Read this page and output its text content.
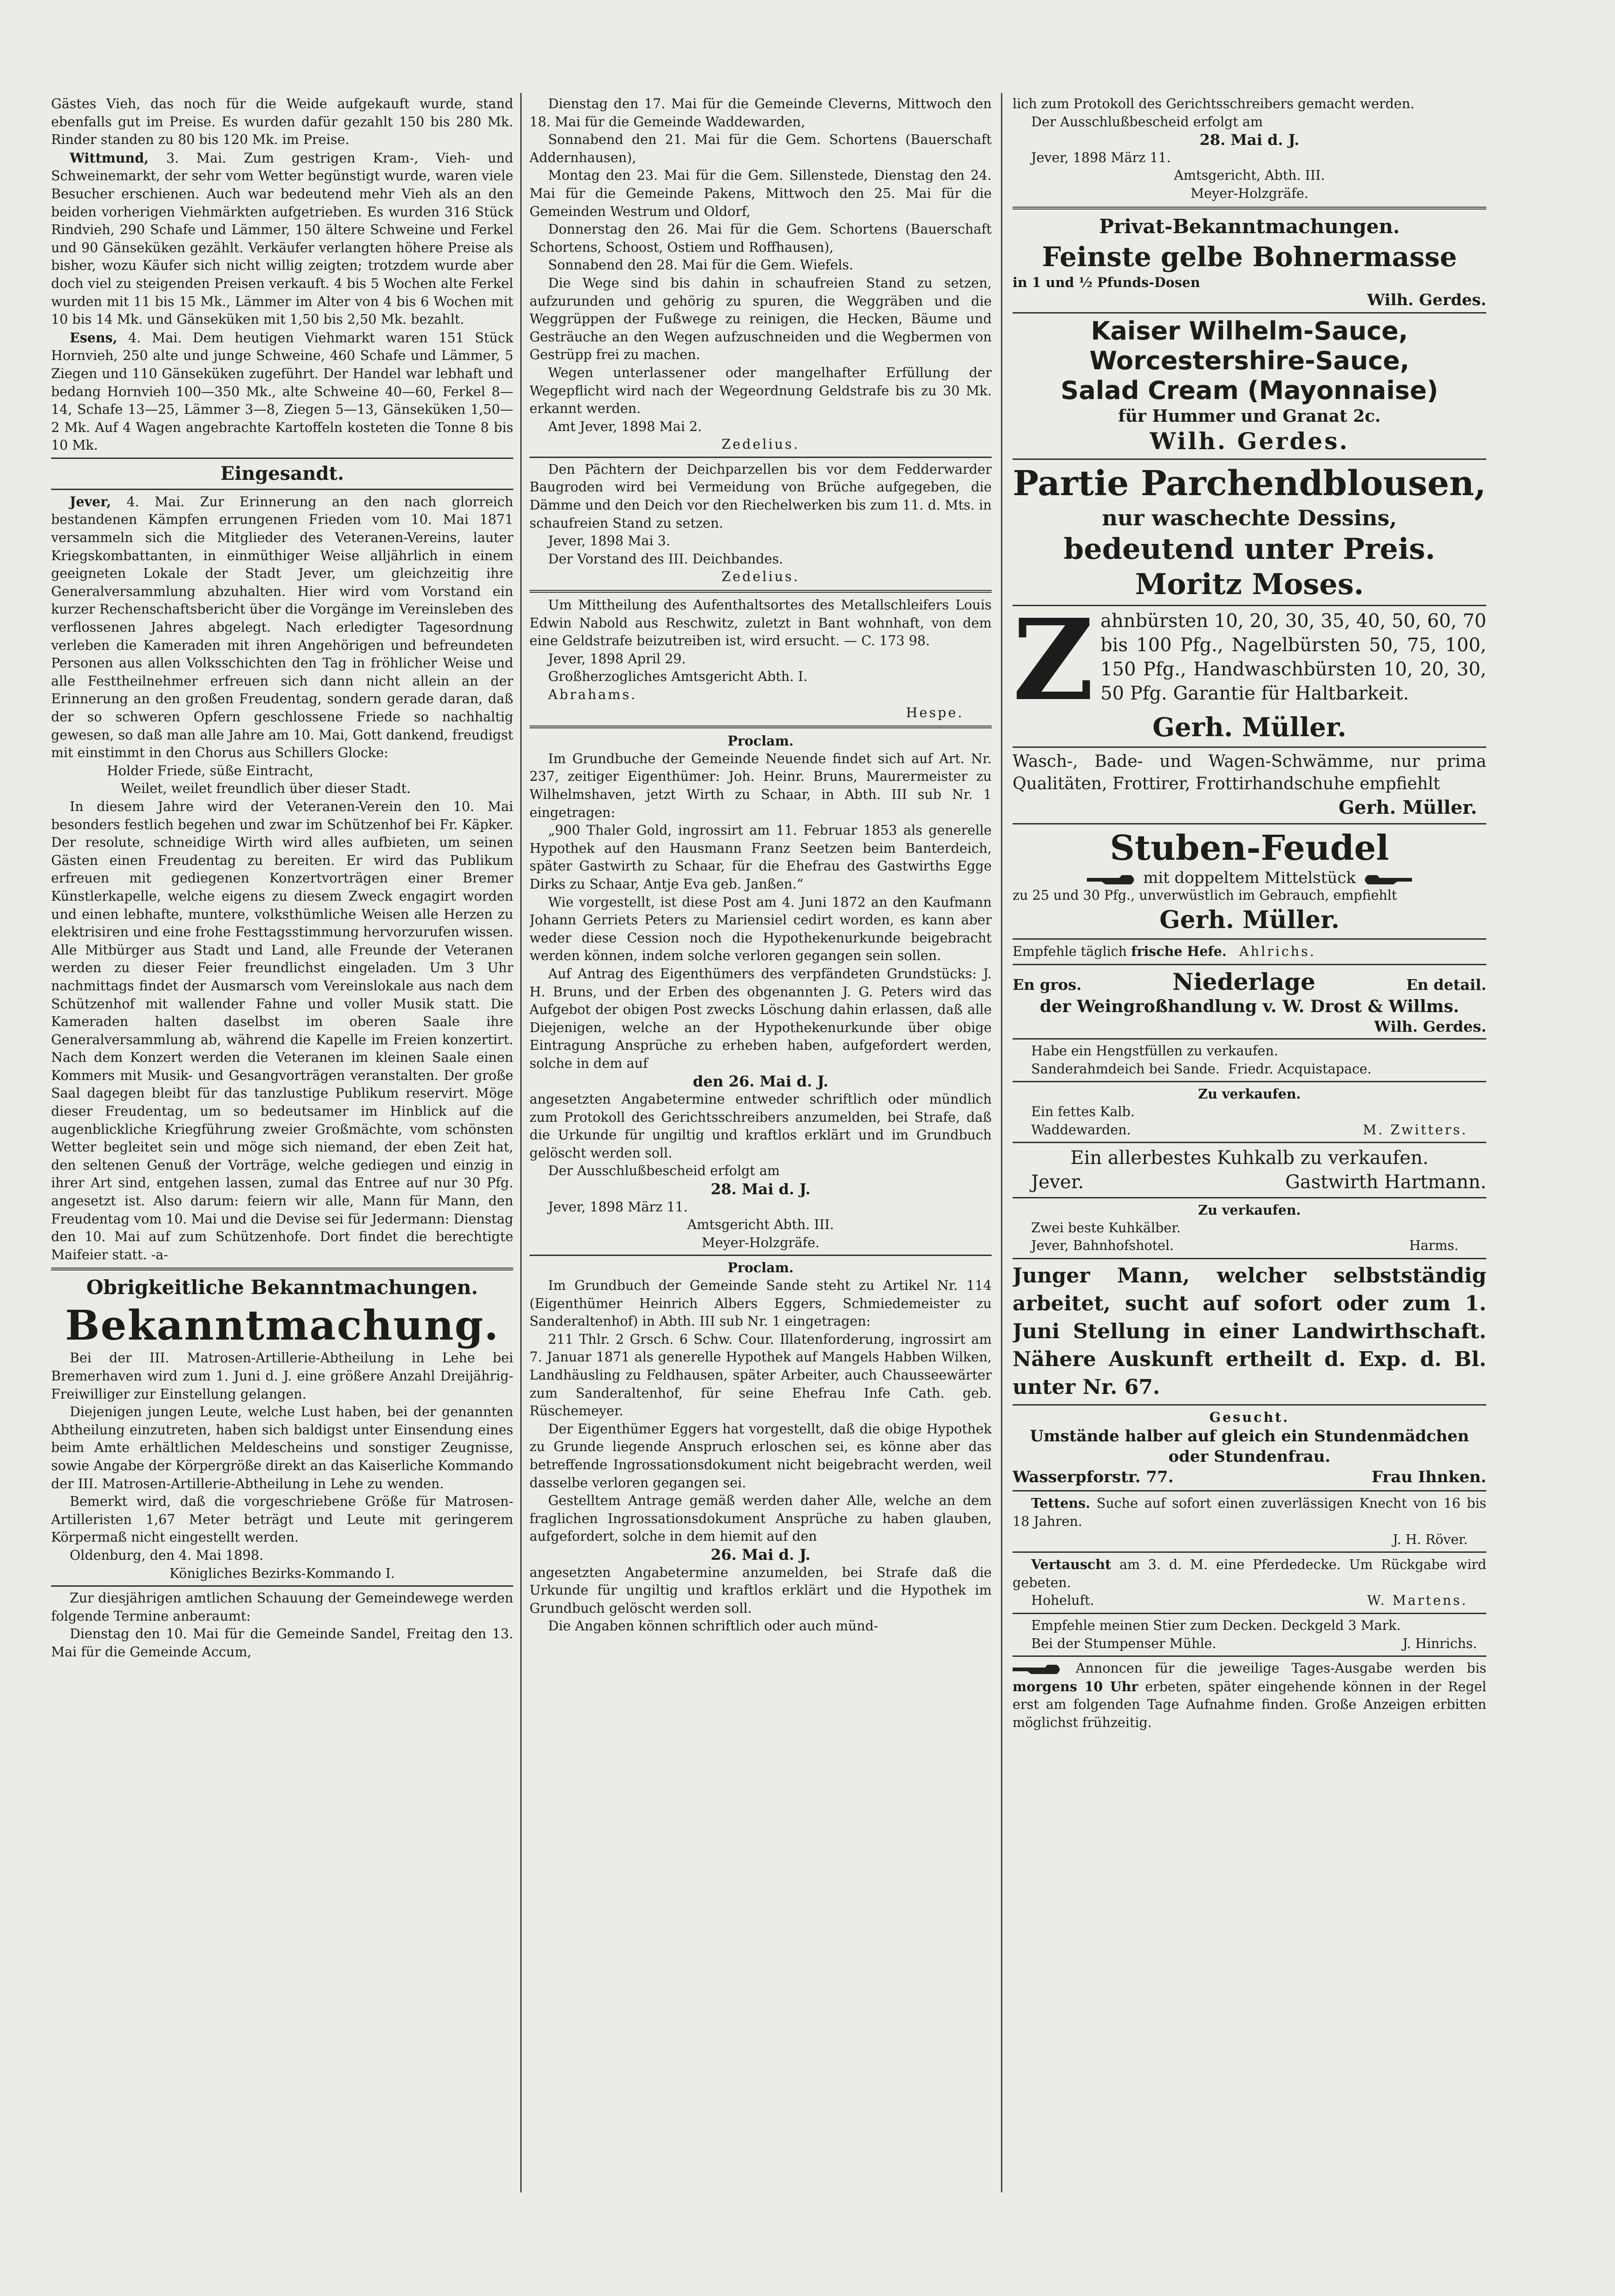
Gästes Vieh, das noch für die Weide aufgekauft wurde, stand ebenfalls gut im Preise. Es wurden dafür gezahlt 150 bis 280 Mk. Rinder standen zu 80 bis 120 Mk. im Preise.

Wittmund, 3. Mai. Zum gestrigen Kram-, Vieh- und Schweinemarkt, der sehr vom Wetter begünstigt wurde, waren viele Besucher erschienen. Auch war bedeutend mehr Vieh als an den beiden vorherigen Viehmärkten aufgetrieben. Es wurden 316 Stück Rindvieh, 290 Schafe und Lämmer, 150 ältere Schweine und Ferkel und 90 Gänseküken gezählt. Verkäufer verlangten höhere Preise als bisher, wozu Käufer sich nicht willig zeigten; trotzdem wurde aber doch viel zu steigenden Preisen verkauft. 4 bis 5 Wochen alte Ferkel wurden mit 11 bis 15 Mk., Lämmer im Alter von 4 bis 6 Wochen mit 10 bis 14 Mk. und Gänseküken mit 1,50 bis 2,50 Mk. bezahlt.

Esens, 4. Mai. Dem heutigen Viehmarkt waren 151 Stück Hornvieh, 250 alte und junge Schweine, 460 Schafe und Lämmer, 5 Ziegen und 110 Gänseküken zugeführt. Der Handel war lebhaft und bedang Hornvieh 100—350 Mk., alte Schweine 40—60, Ferkel 8—14, Schafe 13—25, Lämmer 3—8, Ziegen 5—13, Gänseküken 1,50—2 Mk. Auf 4 Wagen angebrachte Kartoffeln kosteten die Tonne 8 bis 10 Mk.

Eingesandt.

Jever, 4. Mai. Zur Erinnerung an den nach glorreich bestandenen Kämpfen errungenen Frieden vom 10. Mai 1871 versammeln sich die Mitglieder des Veteranen-Vereins, lauter Kriegskombattanten, in einmüthiger Weise alljährlich in einem geeigneten Lokale der Stadt Jever, um gleichzeitig ihre Generalversammlung abzuhalten. Hier wird vom Vorstand ein kurzer Rechenschaftsbericht über die Vorgänge im Vereinsleben des verflossenen Jahres abgelegt. Nach erledigter Tagesordnung verleben die Kameraden mit ihren Angehörigen und befreundeten Personen aus allen Volksschichten den Tag in fröhlicher Weise und alle Festtheilnehmer erfreuen sich dann nicht allein an der Erinnerung an den großen Freudentag, sondern gerade daran, daß der so schweren Opfern geschlossene Friede so nachhaltig gewesen, so daß man alle Jahre am 10. Mai, Gott dankend, freudigst mit einstimmt in den Chorus aus Schillers Glocke:

Holder Friede, süße Eintracht,

Weilet, weilet freundlich über dieser Stadt.

In diesem Jahre wird der Veteranen-Verein den 10. Mai besonders festlich begehen und zwar im Schützenhof bei Fr. Käpker. Der resolute, schneidige Wirth wird alles aufbieten, um seinen Gästen einen Freudentag zu bereiten. Er wird das Publikum erfreuen mit gediegenen Konzertvorträgen einer Bremer Künstlerkapelle, welche eigens zu diesem Zweck engagirt worden und einen lebhafte, muntere, volksthümliche Weisen alle Herzen zu elektrisiren und eine frohe Festtagsstimmung hervorzurufen wissen. Alle Mitbürger aus Stadt und Land, alle Freunde der Veteranen werden zu dieser Feier freundlichst eingeladen. Um 3 Uhr nachmittags findet der Ausmarsch vom Vereinslokale aus nach dem Schützenhof mit wallender Fahne und voller Musik statt. Die Kameraden halten daselbst im oberen Saale ihre Generalversammlung ab, während die Kapelle im Freien konzertirt. Nach dem Konzert werden die Veteranen im kleinen Saale einen Kommers mit Musik- und Gesangvorträgen veranstalten. Der große Saal dagegen bleibt für das tanzlustige Publikum reservirt. Möge dieser Freudentag, um so bedeutsamer im Hinblick auf die augenblickliche Kriegführung zweier Großmächte, vom schönsten Wetter begleitet sein und möge sich niemand, der eben Zeit hat, den seltenen Genuß der Vorträge, welche gediegen und einzig in ihrer Art sind, entgehen lassen, zumal das Entree auf nur 30 Pfg. angesetzt ist. Also darum: feiern wir alle, Mann für Mann, den Freudentag vom 10. Mai und die Devise sei für Jedermann: Dienstag den 10. Mai auf zum Schützenhofe. Dort findet die berechtigte Maifeier statt. -a-

Obrigkeitliche Bekanntmachungen.
Bekanntmachung.

Bei der III. Matrosen-Artillerie-Abtheilung in Lehe bei Bremerhaven wird zum 1. Juni d. J. eine größere Anzahl Dreijährig-Freiwilliger zur Einstellung gelangen.

Diejenigen jungen Leute, welche Lust haben, bei der genannten Abtheilung einzutreten, haben sich baldigst unter Einsendung eines beim Amte erhältlichen Meldescheins und sonstiger Zeugnisse, sowie Angabe der Körpergröße direkt an das Kaiserliche Kommando der III. Matrosen-Artillerie-Abtheilung in Lehe zu wenden.

Bemerkt wird, daß die vorgeschriebene Größe für Matrosen-Artilleristen 1,67 Meter beträgt und Leute mit geringerem Körpermaß nicht eingestellt werden.

Oldenburg, den 4. Mai 1898.

Königliches Bezirks-Kommando I.

Zur diesjährigen amtlichen Schauung der Gemeindewege werden folgende Termine anberaumt:

Dienstag den 10. Mai für die Gemeinde Sandel, Freitag den 13. Mai für die Gemeinde Accum,

Dienstag den 17. Mai für die Gemeinde Cleverns, Mittwoch den 18. Mai für die Gemeinde Waddewarden,

Sonnabend den 21. Mai für die Gem. Schortens (Bauerschaft Addernhausen),

Montag den 23. Mai für die Gem. Sillenstede, Dienstag den 24. Mai für die Gemeinde Pakens, Mittwoch den 25. Mai für die Gemeinden Westrum und Oldorf,

Donnerstag den 26. Mai für die Gem. Schortens (Bauerschaft Schortens, Schoost, Ostiem und Roffhausen),

Sonnabend den 28. Mai für die Gem. Wiefels.

Die Wege sind bis dahin in schaufreien Stand zu setzen, aufzurunden und gehörig zu spuren, die Weggräben und die Weggrüppen der Fußwege zu reinigen, die Hecken, Bäume und Gesträuche an den Wegen aufzuschneiden und die Wegbermen von Gestrüpp frei zu machen.

Wegen unterlassener oder mangelhafter Erfüllung der Wegepflicht wird nach der Wegeordnung Geldstrafe bis zu 30 Mk. erkannt werden.

Amt Jever, 1898 Mai 2.

Zedelius.

Den Pächtern der Deichparzellen bis vor dem Fedderwarder Baugroden wird bei Vermeidung von Brüche aufgegeben, die Dämme und den Deich vor den Riechelwerken bis zum 11. d. Mts. in schaufreien Stand zu setzen.

Jever, 1898 Mai 3.

Der Vorstand des III. Deichbandes.

Zedelius.

Um Mittheilung des Aufenthaltsortes des Metallschleifers Louis Edwin Nabold aus Reschwitz, zuletzt in Bant wohnhaft, von dem eine Geldstrafe beizutreiben ist, wird ersucht. — C. 173 98.

Jever, 1898 April 29.

Großherzogliches Amtsgericht Abth. I.

Abrahams.

Hespe.

Proclam.

Im Grundbuche der Gemeinde Neuende findet sich auf Art. Nr. 237, zeitiger Eigenthümer: Joh. Heinr. Bruns, Maurermeister zu Wilhelmshaven, jetzt Wirth zu Schaar, in Abth. III sub Nr. 1 eingetragen:

„900 Thaler Gold, ingrossirt am 11. Februar 1853 als generelle Hypothek auf den Hausmann Franz Seetzen beim Banterdeich, später Gastwirth zu Schaar, für die Ehefrau des Gastwirths Egge Dirks zu Schaar, Antje Eva geb. Janßen.“

Wie vorgestellt, ist diese Post am 4. Juni 1872 an den Kaufmann Johann Gerriets Peters zu Mariensiel cedirt worden, es kann aber weder diese Cession noch die Hypothekenurkunde beigebracht werden können, indem solche verloren gegangen sein sollen.

Auf Antrag des Eigenthümers des verpfändeten Grundstücks: J. H. Bruns, und der Erben des obgenannten J. G. Peters wird das Aufgebot der obigen Post zwecks Löschung dahin erlassen, daß alle Diejenigen, welche an der Hypothekenurkunde über obige Eintragung Ansprüche zu erheben haben, aufgefordert werden, solche in dem auf

den 26. Mai d. J.

angesetzten Angabetermine entweder schriftlich oder mündlich zum Protokoll des Gerichtsschreibers anzumelden, bei Strafe, daß die Urkunde für ungiltig und kraftlos erklärt und im Grundbuch gelöscht werden soll.

Der Ausschlußbescheid erfolgt am

28. Mai d. J.

Jever, 1898 März 11.

Amtsgericht Abth. III.

Meyer-Holzgräfe.

Proclam.

Im Grundbuch der Gemeinde Sande steht zu Artikel Nr. 114 (Eigenthümer Heinrich Albers Eggers, Schmiedemeister zu Sanderaltenhof) in Abth. III sub Nr. 1 eingetragen:

211 Thlr. 2 Grsch. 6 Schw. Cour. Illatenforderung, ingrossirt am 7. Januar 1871 als generelle Hypothek auf Mangels Habben Wilken, Landhäusling zu Feldhausen, später Arbeiter, auch Chausseewärter zum Sanderaltenhof, für seine Ehefrau Infe Cath. geb. Rüschemeyer.

Der Eigenthümer Eggers hat vorgestellt, daß die obige Hypothek zu Grunde liegende Anspruch erloschen sei, es könne aber das betreffende Ingrossationsdokument nicht beigebracht werden, weil dasselbe verloren gegangen sei.

Gestelltem Antrage gemäß werden daher Alle, welche an dem fraglichen Ingrossationsdokument Ansprüche zu haben glauben, aufgefordert, solche in dem hiemit auf den

26. Mai d. J.

angesetzten Angabetermine anzumelden, bei Strafe daß die Urkunde für ungiltig und kraftlos erklärt und die Hypothek im Grundbuch gelöscht werden soll.

Die Angaben können schriftlich oder auch münd-

lich zum Protokoll des Gerichtsschreibers gemacht werden.

Der Ausschlußbescheid erfolgt am

28. Mai d. J.

Jever, 1898 März 11.

Amtsgericht, Abth. III.

Meyer-Holzgräfe.

Privat-Bekanntmachungen.
Feinste gelbe Bohnermasse

in 1 und ½ Pfunds-Dosen

Wilh. Gerdes.

Kaiser Wilhelm-Sauce,
Worcestershire-Sauce,
Salad Cream (Mayonnaise)

für Hummer und Granat 2c.

Wilh. Gerdes.

Partie Parchendblousen,
nur waschechte Dessins,
bedeutend unter Preis.
Moritz Moses.
Z ahnbürsten 10, 20, 30, 35, 40, 50, 60, 70 bis 100 Pfg., Nagelbürsten 50, 75, 100, 150 Pfg., Handwaschbürsten 10, 20, 30, 50 Pfg. Garantie für Haltbarkeit.

Gerh. Müller.

Wasch-, Bade- und Wagen-Schwämme, nur prima Qualitäten, Frottirer, Frottirhandschuhe empfiehlt

Gerh. Müller.

Stuben-Feudel

mit doppeltem Mittelstück

zu 25 und 30 Pfg., unverwüstlich im Gebrauch, empfiehlt

Gerh. Müller.

Empfehle täglich frische Hefe. Ahlrichs.

En gros.	Niederlage	En detail.

der Weingroßhandlung v. W. Drost & Willms.

Wilh. Gerdes.

Habe ein Hengstfüllen zu verkaufen.

Sanderahmdeich bei Sande. Friedr. Acquistapace.

Zu verkaufen.

Ein fettes Kalb.

Waddewarden.	M. Zwitters.

Ein allerbestes Kuhkalb zu verkaufen.

Jever.	Gastwirth Hartmann.

Zu verkaufen.

Zwei beste Kuhkälber.

Jever, Bahnhofshotel.	Harms.

Junger Mann, welcher selbstständig arbeitet, sucht auf sofort oder zum 1. Juni Stellung in einer Landwirthschaft. Nähere Auskunft ertheilt d. Exp. d. Bl. unter Nr. 67.

Gesucht.

Umstände halber auf gleich ein Stundenmädchen oder Stundenfrau.

Wasserpforstr. 77.	Frau Ihnken.

Tettens. Suche auf sofort einen zuverlässigen Knecht von 16 bis 18 Jahren.

J. H. Röver.

Vertauscht am 3. d. M. eine Pferdedecke. Um Rückgabe wird gebeten.

Hoheluft.	W. Martens.

Empfehle meinen Stier zum Decken. Deckgeld 3 Mark.

Bei der Stumpenser Mühle.	J. Hinrichs.

Annoncen für die jeweilige Tages-Ausgabe werden bis morgens 10 Uhr erbeten, später eingehende können in der Regel erst am folgenden Tage Aufnahme finden. Große Anzeigen erbitten möglichst frühzeitig.
